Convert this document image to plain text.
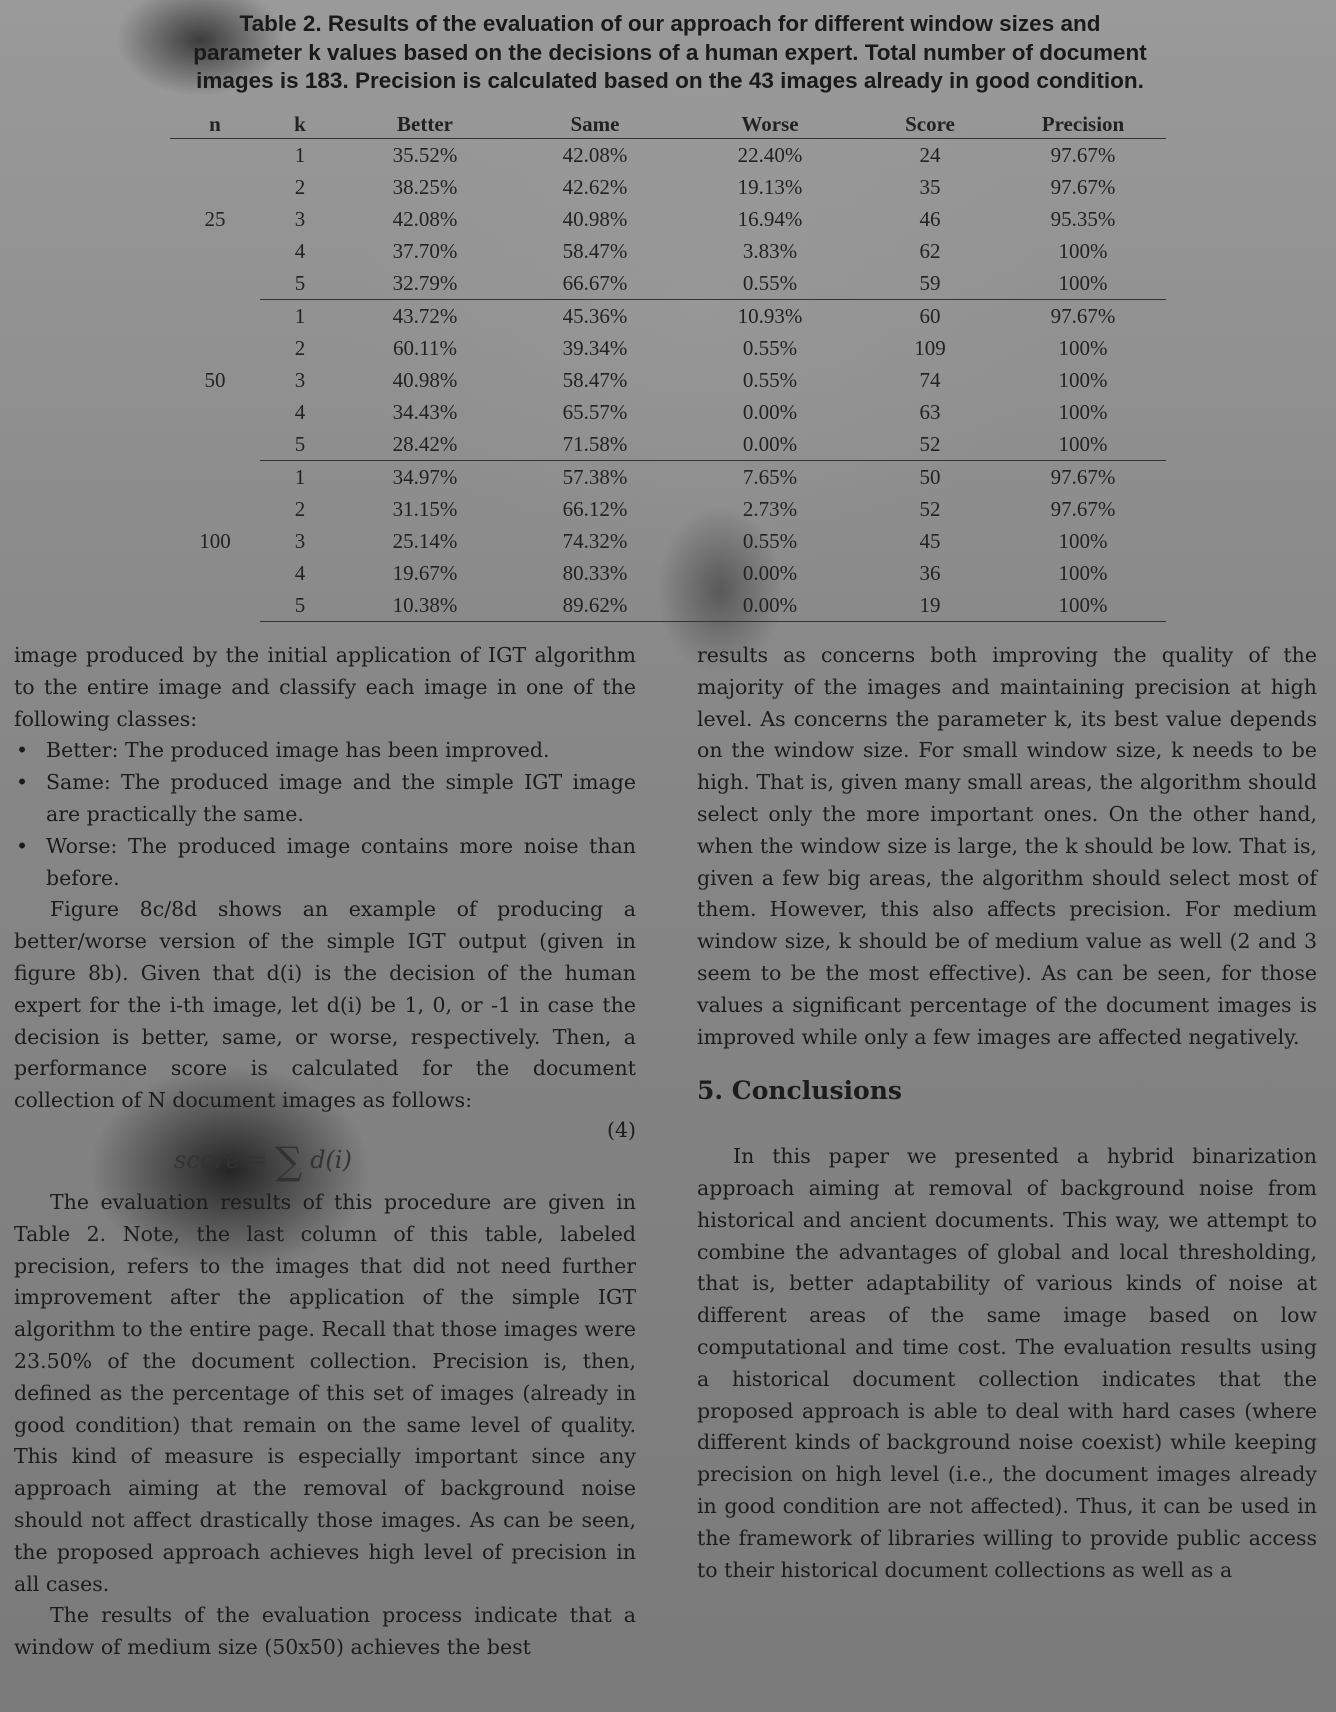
Table 2. Results of the evaluation of our approach for different window sizes and
parameter k values based on the decisions of a human expert. Total number of document
images is 183. Precision is calculated based on the 43 images already in good condition.
n	k	Better	Same	Worse	Score	Precision
25	1	35.52%	42.08%	22.40%	24	97.67%
	2	38.25%	42.62%	19.13%	35	97.67%
	3	42.08%	40.98%	16.94%	46	95.35%
	4	37.70%	58.47%	3.83%	62	100%
	5	32.79%	66.67%	0.55%	59	100%
50	1	43.72%	45.36%	10.93%	60	97.67%
	2	60.11%	39.34%	0.55%	109	100%
	3	40.98%	58.47%	0.55%	74	100%
	4	34.43%	65.57%	0.00%	63	100%
	5	28.42%	71.58%	0.00%	52	100%
100	1	34.97%	57.38%	7.65%	50	97.67%
	2	31.15%	66.12%	2.73%	52	97.67%
	3	25.14%	74.32%	0.55%	45	100%
	4	19.67%	80.33%	0.00%	36	100%
	5	10.38%	89.62%	0.00%	19	100%

image produced by the initial application of IGT algorithm to the entire image and classify each image in one of the following classes:

• Better: The produced image has been improved.
• Same: The produced image and the simple IGT image are practically the same.
• Worse: The produced image contains more noise than before.

Figure 8c/8d shows an example of producing a better/worse version of the simple IGT output (given in figure 8b). Given that d(i) is the decision of the human expert for the i-th image, let d(i) be 1, 0, or -1 in case the decision is better, same, or worse, respectively. Then, a performance score is calculated for the document collection of N document images as follows:

(4)
score = ∑ d(i)

The evaluation results of this procedure are given in Table 2. Note, the last column of this table, labeled precision, refers to the images that did not need further improvement after the application of the simple IGT algorithm to the entire page. Recall that those images were 23.50% of the document collection. Precision is, then, defined as the percentage of this set of images (already in good condition) that remain on the same level of quality. This kind of measure is especially important since any approach aiming at the removal of background noise should not affect drastically those images. As can be seen, the proposed approach achieves high level of precision in all cases.

The results of the evaluation process indicate that a window of medium size (50x50) achieves the best

results as concerns both improving the quality of the majority of the images and maintaining precision at high level. As concerns the parameter k, its best value depends on the window size. For small window size, k needs to be high. That is, given many small areas, the algorithm should select only the more important ones. On the other hand, when the window size is large, the k should be low. That is, given a few big areas, the algorithm should select most of them. However, this also affects precision. For medium window size, k should be of medium value as well (2 and 3 seem to be the most effective). As can be seen, for those values a significant percentage of the document images is improved while only a few images are affected negatively.

5. Conclusions

In this paper we presented a hybrid binarization approach aiming at removal of background noise from historical and ancient documents. This way, we attempt to combine the advantages of global and local thresholding, that is, better adaptability of various kinds of noise at different areas of the same image based on low computational and time cost. The evaluation results using a historical document collection indicates that the proposed approach is able to deal with hard cases (where different kinds of background noise coexist) while keeping precision on high level (i.e., the document images already in good condition are not affected). Thus, it can be used in the framework of libraries willing to provide public access to their historical document collections as well as a
